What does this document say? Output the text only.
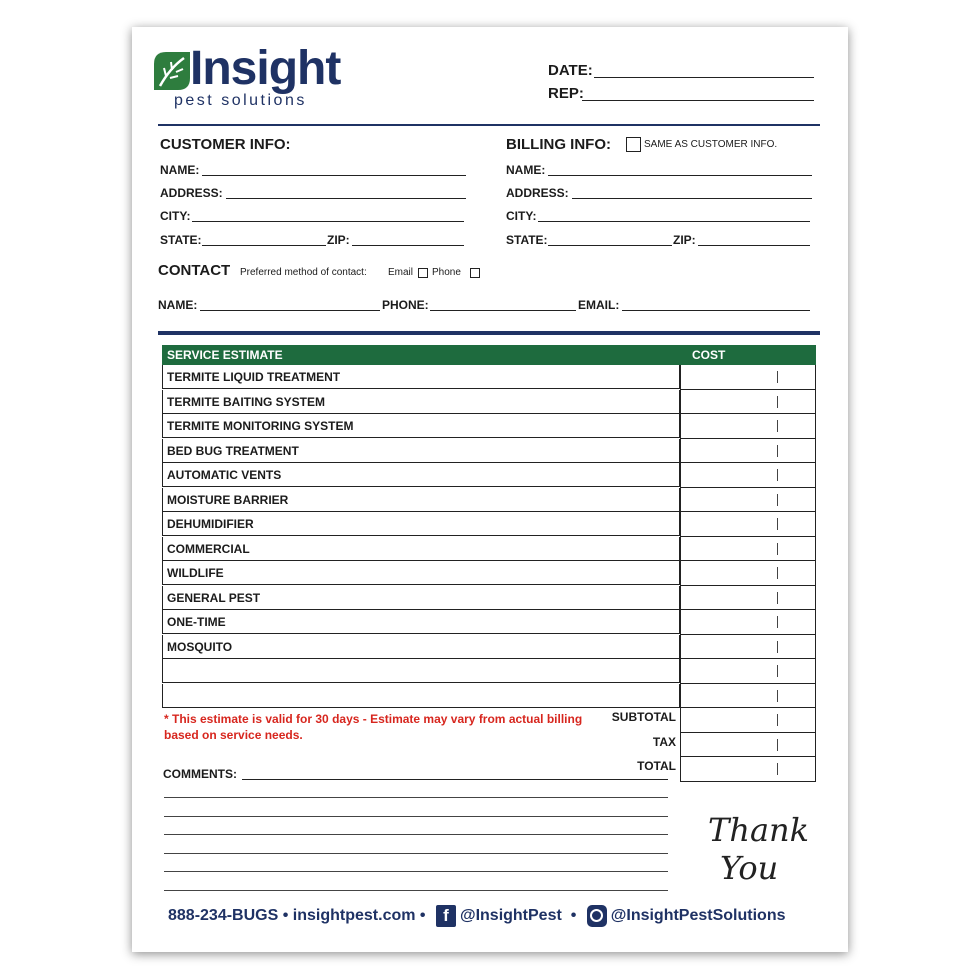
Insight
pest solutions
DATE:
REP:
CUSTOMER INFO:
NAME:
ADDRESS:
CITY:
STATE:	ZIP:
BILLING INFO:	SAME AS CUSTOMER INFO.
NAME:
ADDRESS:
CITY:
STATE:	ZIP:
CONTACT Preferred method of contact: Email Phone
NAME:	PHONE:	EMAIL:
SERVICE ESTIMATE	COST
TERMITE LIQUID TREATMENT
TERMITE BAITING SYSTEM
TERMITE MONITORING SYSTEM
BED BUG TREATMENT
AUTOMATIC VENTS
MOISTURE BARRIER
DEHUMIDIFIER
COMMERCIAL
WILDLIFE
GENERAL PEST
ONE-TIME
MOSQUITO
* This estimate is valid for 30 days - Estimate may vary from actual billing based on service needs.
SUBTOTAL
TAX
TOTAL
COMMENTS:
Thank
You
888-234-BUGS • insightpest.com • f @InsightPest  • @InsightPestSolutions
